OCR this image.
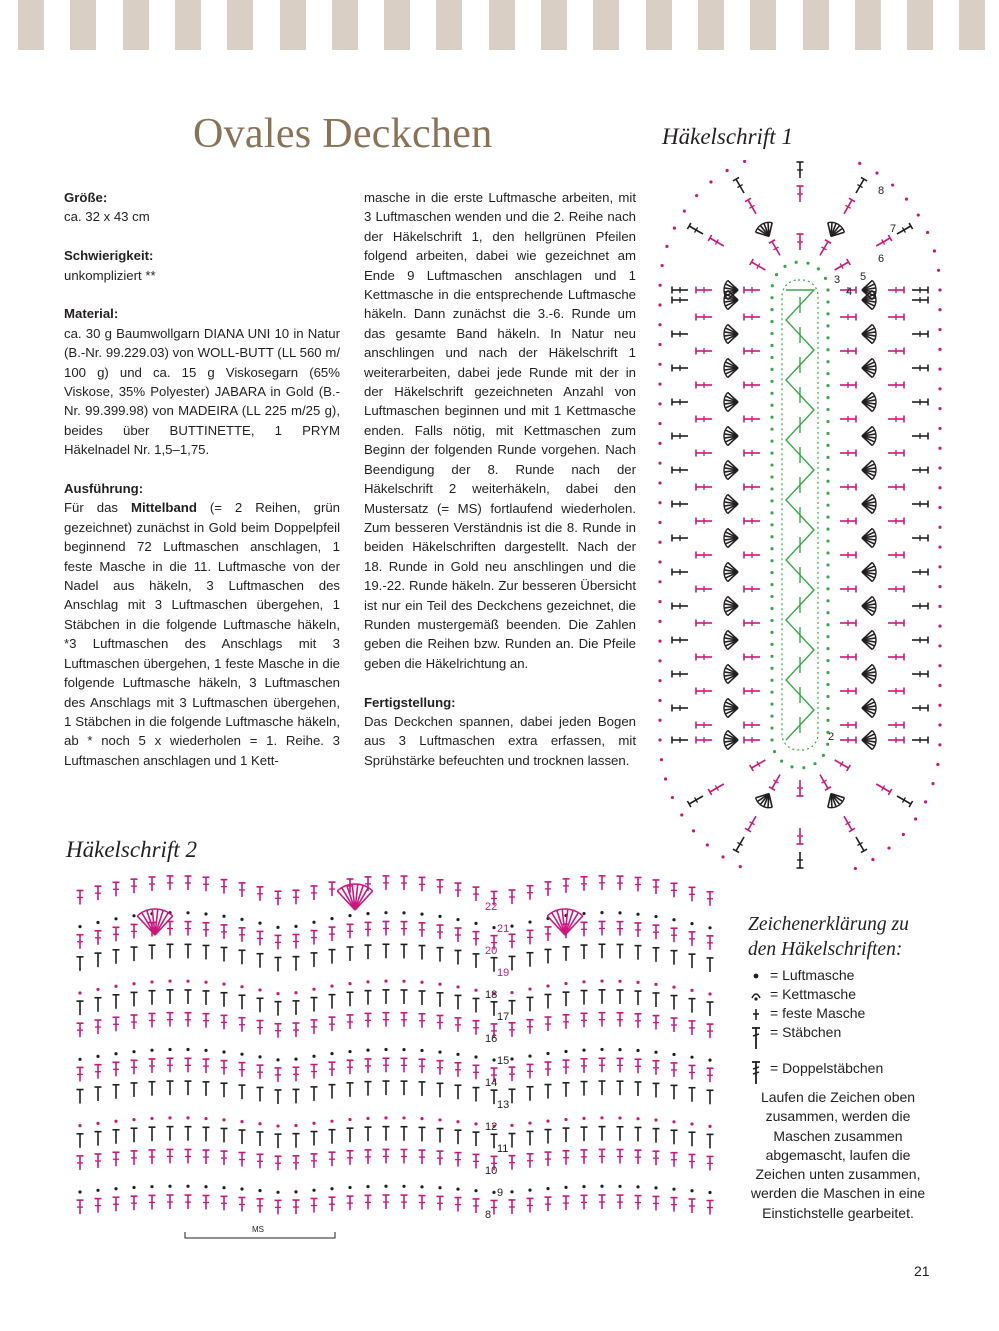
Ovales Deckchen
Größe:

ca. 32 x 43 cm

Schwierigkeit:

unkompliziert **

Material:

ca. 30 g Baumwollgarn DIANA UNI 10 in Natur (B.-Nr. 99.229.03) von WOLL-BUTT (LL 560 m/ 100 g) und ca. 15 g Viskosegarn (65% Viskose, 35% Polyester) JABARA in Gold (B.-Nr. 99.399.98) von MADEIRA (LL 225 m/25 g), beides über BUTTINETTE, 1 PRYM Häkelnadel Nr. 1,5–1,75.

Ausführung:

Für das Mittelband (= 2 Reihen, grün gezeichnet) zunächst in Gold beim Doppelpfeil beginnend 72 Luftmaschen anschlagen, 1 feste Masche in die 11. Luftmasche von der Nadel aus häkeln, 3 Luftmaschen des Anschlag mit 3 Luftmaschen übergehen, 1 Stäbchen in die folgende Luftmasche häkeln, *3 Luftmaschen des Anschlags mit 3 Luftmaschen übergehen, 1 feste Masche in die folgende Luftmasche häkeln, 3 Luftmaschen des Anschlags mit 3 Luftmaschen übergehen, 1 Stäbchen in die folgende Luftmasche häkeln, ab * noch 5 x wiederholen = 1. Reihe. 3 Luftmaschen anschlagen und 1 Kett-

masche in die erste Luftmasche arbeiten, mit 3 Luftmaschen wenden und die 2. Reihe nach der Häkelschrift 1, den hellgrünen Pfeilen folgend arbeiten, dabei wie gezeichnet am Ende 9 Luftmaschen anschlagen und 1 Kettmasche in die entsprechende Luftmasche häkeln. Dann zunächst die 3.-6. Runde um das gesamte Band häkeln. In Natur neu anschlingen und nach der Häkelschrift 1 weiterarbeiten, dabei jede Runde mit der in der Häkelschrift gezeichneten Anzahl von Luftmaschen beginnen und mit 1 Kettmasche enden. Falls nötig, mit Kettmaschen zum Beginn der folgenden Runde vorgehen. Nach Beendigung der 8. Runde nach der Häkelschrift 2 weiterhäkeln, dabei den Mustersatz (= MS) fortlaufend wiederholen. Zum besseren Verständnis ist die 8. Runde in beiden Häkelschriften dargestellt. Nach der 18. Runde in Gold neu anschlingen und die 19.-22. Runde häkeln. Zur besseren Übersicht ist nur ein Teil des Deckchens gezeichnet, die Runden mustergemäß beenden. Die Zahlen geben die Reihen bzw. Runden an. Die Pfeile geben die Häkelrichtung an.

Fertigstellung:

Das Deckchen spannen, dabei jeden Bogen aus 3 Luftmaschen extra erfassen, mit Sprühstärke befeuchten und trocknen lassen.

Häkelschrift 1
2
3
4
5
6
7
8
Häkelschrift 2
8
9
10
11
12
13
14
15
16
17
18
19
20
21
22
MS
Zeichenerklärung zu
den Häkelschriften:
= Luftmasche
= Kettmasche
= feste Masche
= Stäbchen
= Doppelstäbchen

Laufen die Zeichen oben zusammen, werden die Maschen zusammen abgemascht, laufen die Zeichen unten zusammen, werden die Maschen in eine Einstichstelle gearbeitet.

21
